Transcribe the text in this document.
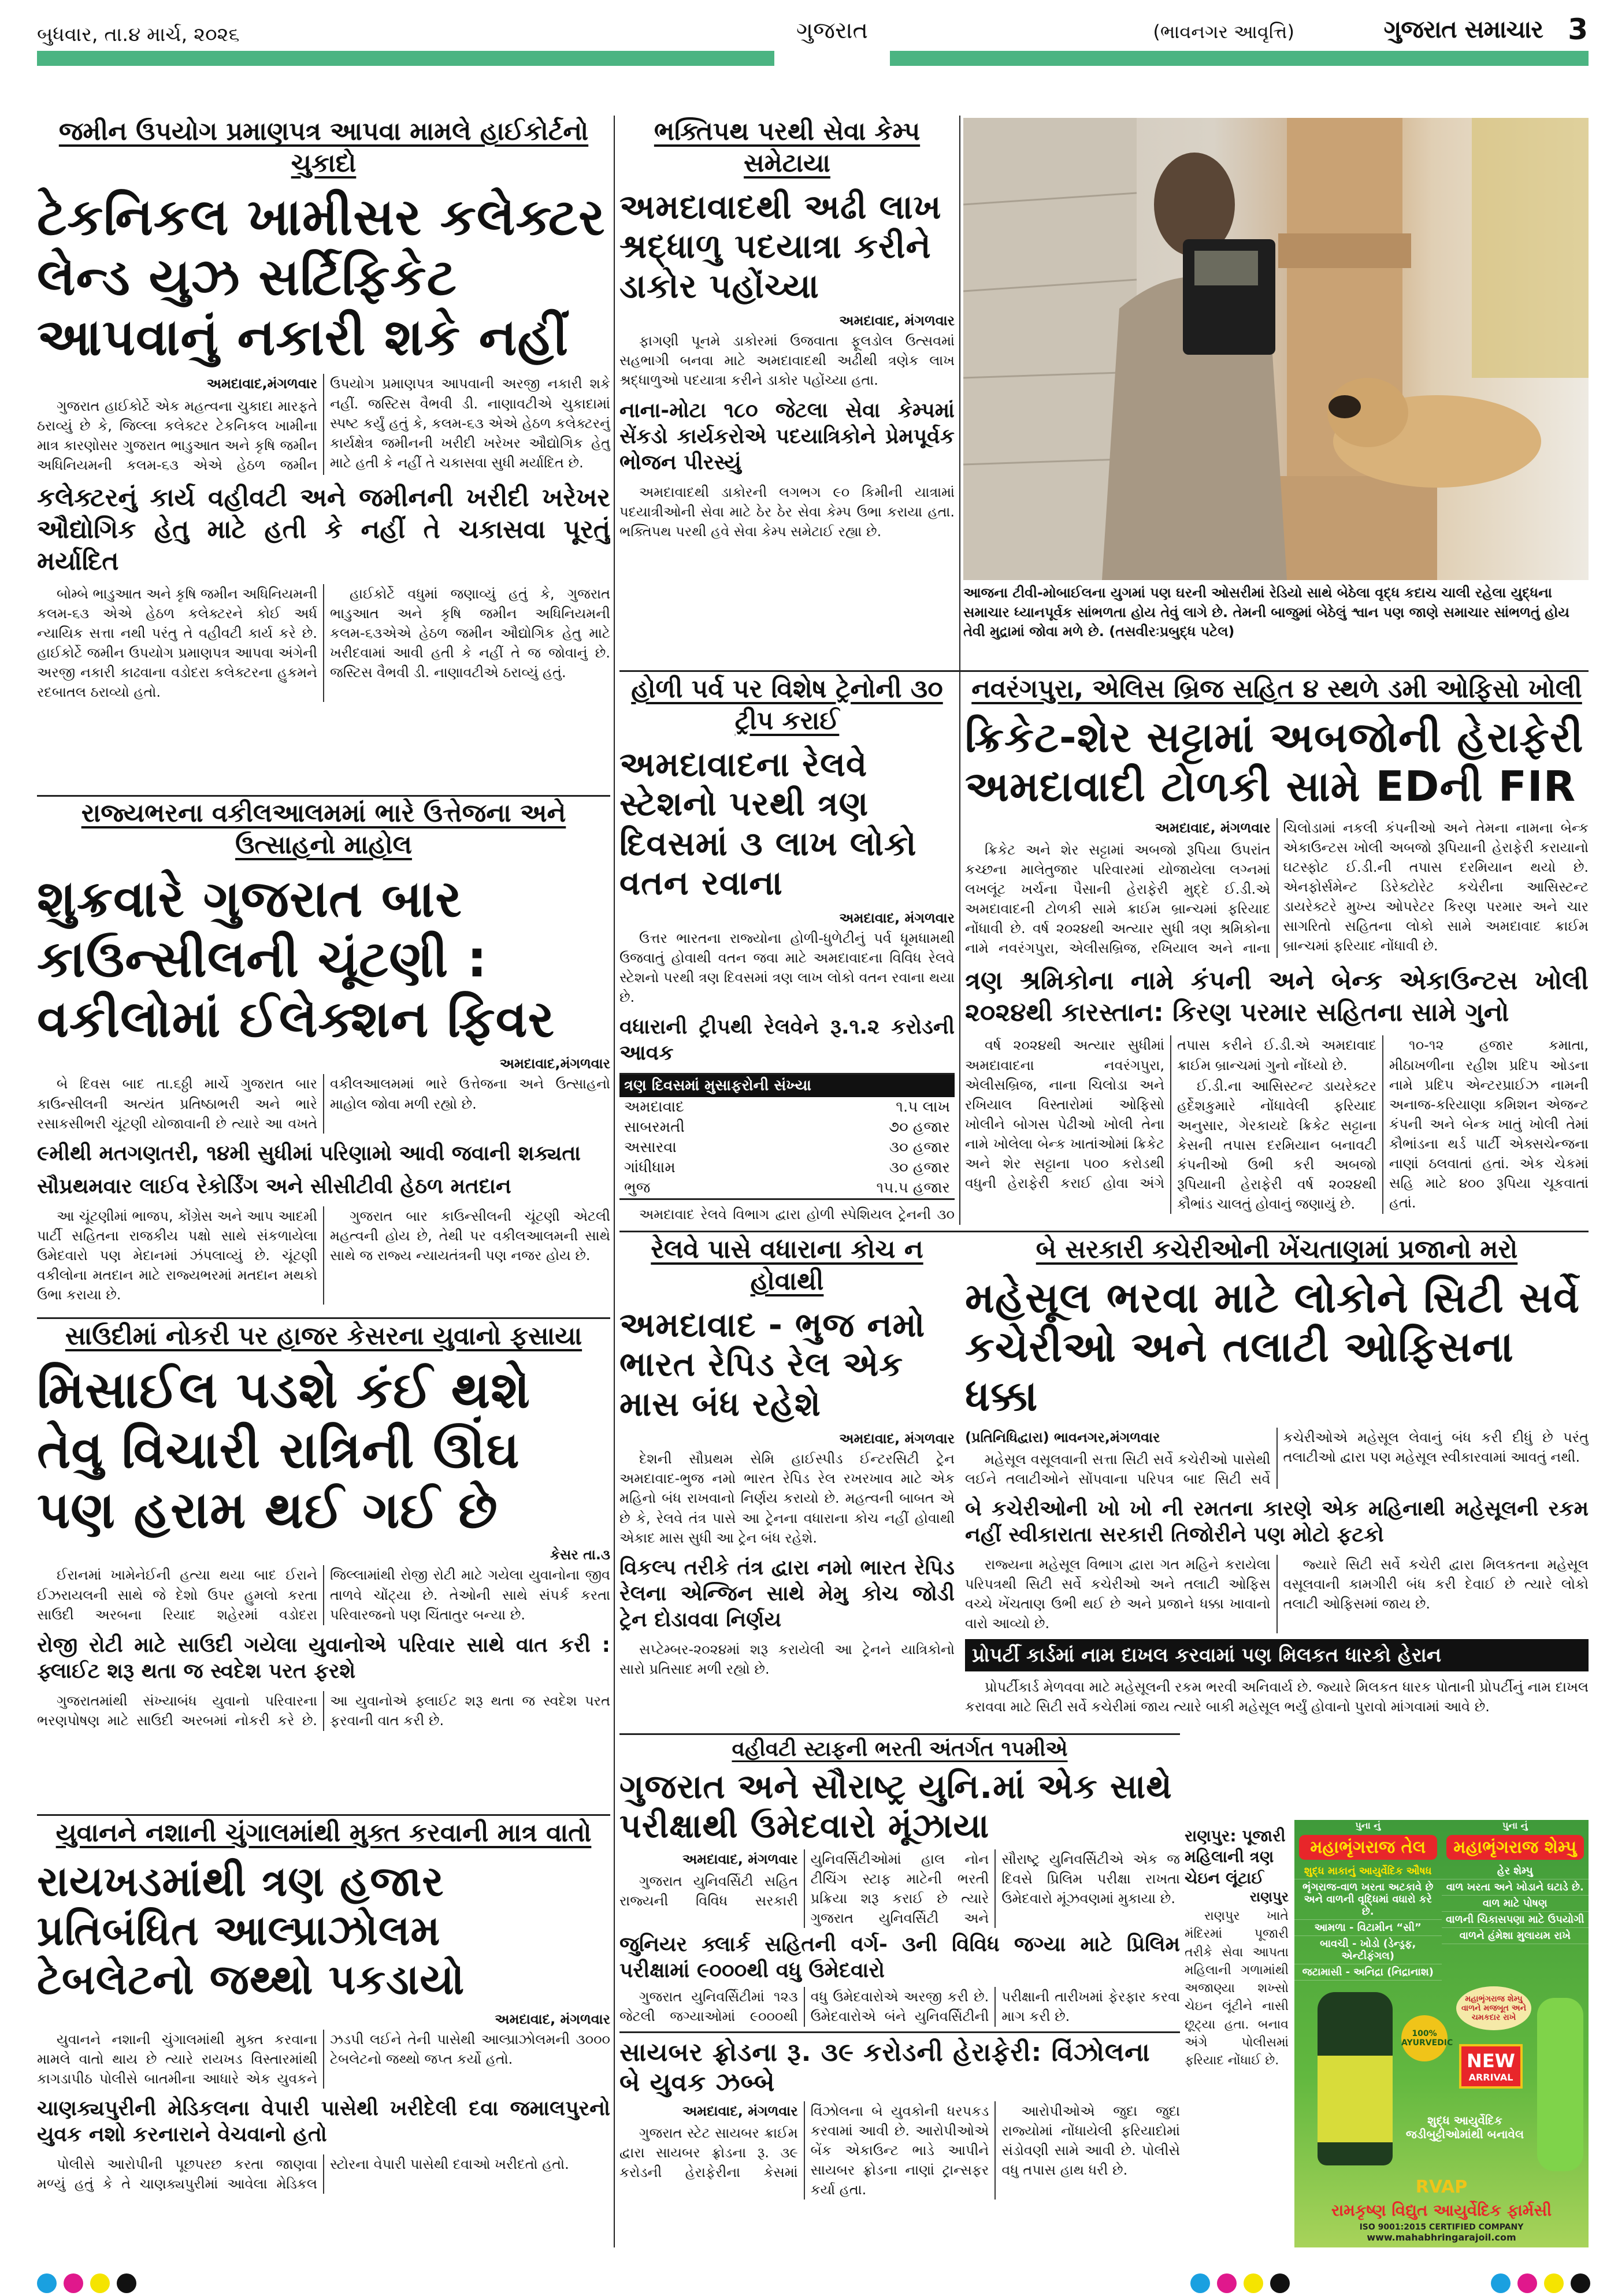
બુધવાર, તા.૪ માર્ચ, ૨૦૨૬	ગુજરાત	(ભાવનગર આવૃત્તિ)	ગુજરાત સમાચાર 3
જમીન ઉપયોગ પ્રમાણપત્ર આપવા મામલે હાઈકોર્ટનો ચુકાદો
ટેકનિકલ ખામીસર કલેક્ટર લેન્ડ યુઝ સર્ટિફિકેટ આપવાનું નકારી શકે નહીં
અમદાવાદ,મંગળવાર

ગુજરાત હાઈકોર્ટે એક મહત્વના ચુકાદા મારફતે ઠરાવ્યું છે કે, જિલ્લા કલેક્ટર ટેકનિકલ ખામીના માત્ર કારણોસર ગુજરાત ભાડુઆત અને કૃષિ જમીન અધિનિયમની કલમ-૬૩ એએ હેઠળ જમીન ઉપયોગ પ્રમાણપત્ર આપવાની અરજી નકારી શકે નહીં. જસ્ટિસ વૈભવી ડી. નાણાવટીએ ચુકાદામાં સ્પષ્ટ કર્યું હતું કે, કલમ-૬૩ એએ હેઠળ કલેક્ટરનું કાર્યક્ષેત્ર જમીનની ખરીદી ખરેખર ઔદ્યોગિક હેતુ માટે હતી કે નહીં તે ચકાસવા સુધી મર્યાદિત છે.

કલેક્ટરનું કાર્ય વહીવટી અને જમીનની ખરીદી ખરેખર ઔદ્યોગિક હેતુ માટે હતી કે નહીં તે ચકાસવા પૂરતું મર્યાદિત

બોમ્બે ભાડુઆત અને કૃષિ જમીન અધિનિયમની કલમ-૬૩ એએ હેઠળ કલેક્ટરને કોઈ અર્ધ ન્યાયિક સત્તા નથી પરંતુ તે વહીવટી કાર્ય કરે છે. હાઈકોર્ટે જમીન ઉપયોગ પ્રમાણપત્ર આપવા અંગેની અરજી નકારી કાઢવાના વડોદરા કલેક્ટરના હુકમને રદબાતલ ઠરાવ્યો હતો.

હાઈકોર્ટે વધુમાં જણાવ્યું હતું કે, ગુજરાત ભાડુઆત અને કૃષિ જમીન અધિનિયમની કલમ-૬૩એએ હેઠળ જમીન ઔદ્યોગિક હેતુ માટે ખરીદવામાં આવી હતી કે નહીં તે જ જોવાનું છે. જસ્ટિસ વૈભવી ડી. નાણાવટીએ ઠરાવ્યું હતું.

રાજ્યભરના વકીલઆલમમાં ભારે ઉત્તેજના અને ઉત્સાહનો માહોલ
શુક્રવારે ગુજરાત બાર કાઉન્સીલની ચૂંટણી : વકીલોમાં ઈલેક્શન ફિવર
અમદાવાદ,મંગળવાર

બે દિવસ બાદ તા.૬ઠ્ઠી માર્ચે ગુજરાત બાર કાઉન્સીલની અત્યંત પ્રતિષ્ઠાભરી અને ભારે રસાકસીભરી ચૂંટણી યોજાવાની છે ત્યારે આ વખતે વકીલઆલમમાં ભારે ઉત્તેજના અને ઉત્સાહનો માહોલ જોવા મળી રહ્યો છે.

૯મીથી મતગણતરી, ૧૪મી સુધીમાં પરિણામો આવી જવાની શક્યતા
સૌપ્રથમવાર લાઈવ રેકોર્ડિંગ અને સીસીટીવી હેઠળ મતદાન

આ ચૂંટણીમાં ભાજપ, કોંગ્રેસ અને આપ આદમી પાર્ટી સહિતના રાજકીય પક્ષો સાથે સંકળાયેલા ઉમેદવારો પણ મેદાનમાં ઝંપલાવ્યું છે. ચૂંટણી વકીલોના મતદાન માટે રાજ્યભરમાં મતદાન મથકો ઉભા કરાયા છે.

ગુજરાત બાર કાઉન્સીલની ચૂંટણી એટલી મહત્વની હોય છે, તેથી પર વકીલઆલમની સાથે સાથે જ રાજ્ય ન્યાયતંત્રની પણ નજર હોય છે.

સાઉદીમાં નોકરી પર હાજર કેસરના યુવાનો ફસાયા
મિસાઈલ પડશે કંઈ થશે તેવુ વિચારી રાત્રિની ઊંઘ પણ હરામ થઈ ગઈ છે
કેસર તા.૩

ઈરાનમાં ખામેનેઈની હત્યા થયા બાદ ઈરાને ઈઝરાયલની સાથે જે દેશો ઉપર હુમલો કરતા સાઉદી અરબના રિયાદ શહેરમાં વડોદરા જિલ્લામાંથી રોજી રોટી માટે ગયેલા યુવાનોના જીવ તાળવે ચોંટ્યા છે. તેઓની સાથે સંપર્ક કરતા પરિવારજનો પણ ચિંતાતુર બન્યા છે.

રોજી રોટી માટે સાઉદી ગયેલા યુવાનોએ પરિવાર સાથે વાત કરી : ફ્લાઈટ શરૂ થતા જ સ્વદેશ પરત ફરશે

ગુજરાતમાંથી સંખ્યાબંધ યુવાનો પરિવારના ભરણપોષણ માટે સાઉદી અરબમાં નોકરી કરે છે. આ યુવાનોએ ફ્લાઈટ શરૂ થતા જ સ્વદેશ પરત ફરવાની વાત કરી છે.

યુવાનને નશાની ચુંગાલમાંથી મુક્ત કરવાની માત્ર વાતો
રાયખડમાંથી ત્રણ હજાર પ્રતિબંધિત આલ્પ્રાઝોલમ ટેબલેટનો જથ્થો પકડાયો
અમદાવાદ, મંગળવાર

યુવાનને નશાની ચુંગાલમાંથી મુક્ત કરવાના મામલે વાતો થાય છે ત્યારે રાયખડ વિસ્તારમાંથી કાગડાપીઠ પોલીસે બાતમીના આધારે એક યુવકને ઝડપી લઈને તેની પાસેથી આલ્પ્રાઝોલમની ૩૦૦૦ ટેબલેટનો જથ્થો જપ્ત કર્યો હતો.

ચાણક્યપુરીની મેડિકલના વેપારી પાસેથી ખરીદેલી દવા જમાલપુરનો યુવક નશો કરનારાને વેચવાનો હતો

પોલીસે આરોપીની પૂછપરછ કરતા જાણવા મળ્યું હતું કે તે ચાણક્યપુરીમાં આવેલા મેડિકલ સ્ટોરના વેપારી પાસેથી દવાઓ ખરીદતો હતો.

ભક્તિપથ પરથી સેવા કેમ્પ સમેટાયા
અમદાવાદથી અઢી લાખ શ્રદ્ધાળુ પદયાત્રા કરીને ડાકોર પહોંચ્યા
અમદાવાદ, મંગળવાર

ફાગણી પૂનમે ડાકોરમાં ઉજવાતા ફૂલડોલ ઉત્સવમાં સહભાગી બનવા માટે અમદાવાદથી અઢીથી ત્રણેક લાખ શ્રદ્ધાળુઓ પદયાત્રા કરીને ડાકોર પહોંચ્યા હતા.

નાના-મોટા ૧૮૦ જેટલા સેવા કેમ્પમાં સેંકડો કાર્યકરોએ પદયાત્રિકોને પ્રેમપૂર્વક ભોજન પીરસ્યું

અમદાવાદથી ડાકોરની લગભગ ૯૦ કિમીની યાત્રામાં પદયાત્રીઓની સેવા માટે ઠેર ઠેર સેવા કેમ્પ ઉભા કરાયા હતા. ભક્તિપથ પરથી હવે સેવા કેમ્પ સમેટાઈ રહ્યા છે.

હોળી પર્વ પર વિશેષ ટ્રેનોની ૩૦ ટ્રીપ કરાઈ
અમદાવાદના રેલવે સ્ટેશનો પરથી ત્રણ દિવસમાં ૩ લાખ લોકો વતન રવાના
અમદાવાદ, મંગળવાર

ઉત્તર ભારતના રાજ્યોના હોળી-ધુળેટીનું પર્વ ધૂમધામથી ઉજવાતું હોવાથી વતન જવા માટે અમદાવાદના વિવિધ રેલવે સ્ટેશનો પરથી ત્રણ દિવસમાં ત્રણ લાખ લોકો વતન રવાના થયા છે.

વધારાની ટ્રીપથી રેલવેને રૂ.૧.૨ કરોડની આવક
ત્રણ દિવસમાં મુસાફરોની સંખ્યા
અમદાવાદ	૧.૫ લાખ
સાબરમતી	૭૦ હજાર
અસારવા	૩૦ હજાર
ગાંધીધામ	૩૦ હજાર
ભુજ	૧૫.૫ હજાર

અમદાવાદ રેલવે વિભાગ દ્વારા હોળી સ્પેશિયલ ટ્રેનની ૩૦

રેલવે પાસે વધારાના કોચ ન હોવાથી
અમદાવાદ - ભુજ નમો ભારત રેપિડ રેલ એક માસ બંધ રહેશે
અમદાવાદ, મંગળવાર

દેશની સૌપ્રથમ સેમિ હાઈસ્પીડ ઈન્ટરસિટી ટ્રેન અમદાવાદ-ભુજ નમો ભારત રેપિડ રેલ રખરખાવ માટે એક મહિનો બંધ રાખવાનો નિર્ણય કરાયો છે. મહત્વની બાબત એ છે કે, રેલવે તંત્ર પાસે આ ટ્રેનના વધારાના કોચ નહીં હોવાથી એકાદ માસ સુધી આ ટ્રેન બંધ રહેશે.

વિકલ્પ તરીકે તંત્ર દ્વારા નમો ભારત રેપિડ રેલના એન્જિન સાથે મેમુ કોચ જોડી ટ્રેન દોડાવવા નિર્ણય

સપ્ટેમ્બર-૨૦૨૪માં શરૂ કરાયેલી આ ટ્રેનને યાત્રિકોનો સારો પ્રતિસાદ મળી રહ્યો છે.

વહીવટી સ્ટાફની ભરતી અંતર્ગત ૧૫મીએ
ગુજરાત અને સૌરાષ્ટ્ર યુનિ.માં એક સાથે પરીક્ષાથી ઉમેદવારો મૂંઝાયા
અમદાવાદ, મંગળવાર

ગુજરાત યુનિવર્સિટી સહિત રાજ્યની વિવિધ સરકારી યુનિવર્સિટીઓમાં હાલ નોન ટીચિંગ સ્ટાફ માટેની ભરતી પ્રક્રિયા શરૂ કરાઈ છે ત્યારે ગુજરાત યુનિવર્સિટી અને સૌરાષ્ટ્ર યુનિવર્સિટીએ એક જ દિવસે પ્રિલિમ પરીક્ષા રાખતા ઉમેદવારો મૂંઝવણમાં મુકાયા છે.

જુનિયર ક્લાર્ક સહિતની વર્ગ- ૩ની વિવિધ જગ્યા માટે પ્રિલિમ પરીક્ષામાં ૯૦૦૦થી વધુ ઉમેદવારો

ગુજરાત યુનિવર્સિટીમાં ૧૨૩ જેટલી જગ્યાઓમાં ૯૦૦૦થી વધુ ઉમેદવારોએ અરજી કરી છે. ઉમેદવારોએ બંને યુનિવર્સિટીની પરીક્ષાની તારીખમાં ફેરફાર કરવા માગ કરી છે.

સાયબર ફ્રોડના રૂ. ૩૯ કરોડની હેરાફેરી: વિંઝોલના બે યુવક ઝબ્બે
અમદાવાદ, મંગળવાર

ગુજરાત સ્ટેટ સાયબર ક્રાઈમ દ્વારા સાયબર ફ્રોડના રૂ. ૩૯ કરોડની હેરાફેરીના કેસમાં વિંઝોલના બે યુવકોની ધરપકડ કરવામાં આવી છે. આરોપીઓએ બેંક એકાઉન્ટ ભાડે આપીને સાયબર ફ્રોડના નાણાં ટ્રાન્સફર કર્યા હતા.

આરોપીઓએ જુદા જુદા રાજ્યોમાં નોંધાયેલી ફરિયાદોમાં સંડોવણી સામે આવી છે. પોલીસે વધુ તપાસ હાથ ધરી છે.

આજના ટીવી-મોબાઈલના યુગમાં પણ ઘરની ઓસરીમાં રેડિયો સાથે બેઠેલા વૃદ્ધ કદાચ ચાલી રહેલા યુદ્ધના સમાચાર ધ્યાનપૂર્વક સાંભળતા હોય તેવું લાગે છે. તેમની બાજુમાં બેઠેલું શ્વાન પણ જાણે સમાચાર સાંભળતું હોય તેવી મુદ્રામાં જોવા મળે છે. (તસવીરઃપ્રબુદ્ધ પટેલ)
નવરંગપુરા, એલિસ બ્રિજ સહિત ૪ સ્થળે ડમી ઓફિસો ખોલી
ક્રિકેટ-શેર સટ્ટામાં અબજોની હેરાફેરી અમદાવાદી ટોળકી સામે EDની FIR
અમદાવાદ, મંગળવાર

ક્રિકેટ અને શેર સટ્ટામાં અબજો રૂપિયા ઉપરાંત કચ્છના માલેતુજાર પરિવારમાં યોજાયેલા લગ્નમાં લખલૂંટ ખર્ચના પૈસાની હેરાફેરી મુદ્દે ઈ.ડી.એ અમદાવાદની ટોળકી સામે ક્રાઈમ બ્રાન્ચમાં ફરિયાદ નોંધાવી છે. વર્ષ ૨૦૨૪થી અત્યાર સુધી ત્રણ શ્રમિકોના નામે નવરંગપુરા, એલીસબ્રિજ, રખિયાલ અને નાના ચિલોડામાં નકલી કંપનીઓ અને તેમના નામના બેન્ક એકાઉન્ટસ ખોલી અબજો રૂપિયાની હેરાફેરી કરાયાનો ઘટસ્ફોટ ઈ.ડી.ની તપાસ દરમિયાન થયો છે. એનફોર્સમેન્ટ ડિરેક્ટોરેટ કચેરીના આસિસ્ટન્ટ ડાયરેક્ટરે મુખ્ય ઓપરેટર કિરણ પરમાર અને ચાર સાગરિતો સહિતના લોકો સામે અમદાવાદ ક્રાઈમ બ્રાન્ચમાં ફરિયાદ નોંધાવી છે.

ત્રણ શ્રમિકોના નામે કંપની અને બેન્ક એકાઉન્ટસ ખોલી ૨૦૨૪થી કારસ્તાન: કિરણ પરમાર સહિતના સામે ગુનો

વર્ષ ૨૦૨૪થી અત્યાર સુધીમાં અમદાવાદના નવરંગપુરા, એલીસબ્રિજ, નાના ચિલોડા અને રખિયાલ વિસ્તારોમાં ઓફિસો ખોલીને બોગસ પેઢીઓ ખોલી તેના નામે ખોલેલા બેન્ક ખાતાંઓમાં ક્રિકેટ અને શેર સટ્ટાના ૫૦૦ કરોડથી વધુની હેરાફેરી કરાઈ હોવા અંગે તપાસ કરીને ઈ.ડી.એ અમદાવાદ ક્રાઈમ બ્રાન્ચમાં ગુનો નોંધ્યો છે.

ઈ.ડી.ના આસિસ્ટન્ટ ડાયરેક્ટર હર્દેશકુમારે નોંધાવેલી ફરિયાદ અનુસાર, ગેરકાયદે ક્રિકેટ સટ્ટાના કેસની તપાસ દરમિયાન બનાવટી કંપનીઓ ઉભી કરી અબજો રૂપિયાની હેરાફેરી વર્ષ ૨૦૨૪થી કૌભાંડ ચાલતું હોવાનું જણાયું છે.

૧૦-૧૨ હજાર કમાતા, મીઠાખળીના રહીશ પ્રદિપ ઓડના નામે પ્રદિપ એન્ટરપ્રાઈઝ નામની અનાજ-કરિયાણા કમિશન એજન્ટ કંપની અને બેન્ક ખાતું ખોલી તેમાં કૌભાંડના થર્ડ પાર્ટી એક્સચેન્જના નાણાં ઠલવાતાં હતાં. એક ચેકમાં સહિ માટે ૪૦૦ રૂપિયા ચૂકવાતાં હતાં.

બે સરકારી કચેરીઓની ખેંચતાણમાં પ્રજાનો મરો
મહેસૂલ ભરવા માટે લોકોને સિટી સર્વે કચેરીઓ અને તલાટી ઓફિસના ધક્કા
(પ્રતિનિધિદ્વારા) ભાવનગર,મંગળવાર

મહેસૂલ વસૂલવાની સત્તા સિટી સર્વે કચેરીઓ પાસેથી લઈને તલાટીઓને સોંપવાના પરિપત્ર બાદ સિટી સર્વે કચેરીઓએ મહેસૂલ લેવાનું બંધ કરી દીધું છે પરંતુ તલાટીઓ દ્વારા પણ મહેસૂલ સ્વીકારવામાં આવતું નથી.

બે કચેરીઓની ખો ખો ની રમતના કારણે એક મહિનાથી મહેસૂલની રકમ નહીં સ્વીકારાતા સરકારી તિજોરીને પણ મોટો ફટકો

રાજ્યના મહેસૂલ વિભાગ દ્વારા ગત મહિને કરાયેલા પરિપત્રથી સિટી સર્વે કચેરીઓ અને તલાટી ઓફિસ વચ્ચે ખેંચતાણ ઉભી થઈ છે અને પ્રજાને ધક્કા ખાવાનો વારો આવ્યો છે.

જ્યારે સિટી સર્વે કચેરી દ્વારા મિલકતના મહેસૂલ વસૂલવાની કામગીરી બંધ કરી દેવાઈ છે ત્યારે લોકો તલાટી ઓફિસમાં જાય છે.

પ્રોપર્ટી કાર્ડમાં નામ દાખલ કરવામાં પણ મિલકત ધારકો હેરાન

પ્રોપર્ટીકાર્ડ મેળવવા માટે મહેસૂલની રકમ ભરવી અનિવાર્ય છે. જ્યારે મિલકત ધારક પોતાની પ્રોપર્ટીનું નામ દાખલ કરાવવા માટે સિટી સર્વે કચેરીમાં જાય ત્યારે બાકી મહેસૂલ ભર્યું હોવાનો પુરાવો માંગવામાં આવે છે.

રાણપુર: પૂજારી મહિલાની ત્રણ ચેઇન લૂંટાઈ
રાણપુર

રાણપુર ખાતે મંદિરમાં પૂજારી તરીકે સેવા આપતા મહિલાની ગળામાંથી અજાણ્યા શખ્સો ચેઇન લૂંટીને નાસી છૂટ્યા હતા. બનાવ અંગે પોલીસમાં ફરિયાદ નોંધાઈ છે.

પુના નું
મહાભૃંગરાજ તેલ
શુદ્ધ માકાનું આયુર્વેદિક ઔષધ
ભૃંગરાજ-વાળ ખરતા અટકાવે છે અને વાળની વૃદ્ધિમાં વધારો કરે છે.
આમળા - વિટામીન “સી”
બાવચી - ખોડો (ડેન્ડ્રફ, એન્ટીફંગલ)
જટામાસી - અનિદ્રા (નિદ્રાનાશ)
પુના નું
મહાભૃંગરાજ શેમ્પુ
હેર શેમ્પુ
વાળ ખરતા અને ખોડાને ઘટાડે છે.
વાળ માટે પોષણ
વાળની ચિકાસપણા માટે ઉપયોગી
વાળને હંમેશા મુલાયમ રાખે
100% AYURVEDIC
મહાભૃંગરાજ શેમ્પુ વાળને મજબૂત અને ચમકદાર રાખે
NEW
ARRIVAL
શુદ્ધ આયુર્વેદિક જડીબુટ્ટીઓમાંથી બનાવેલ
RVAP
રામકૃષ્ણ વિદ્યુત આયુર્વેદિક ફાર્મસી
ISO 9001:2015 CERTIFIED COMPANY
www.mahabhringarajoil.com
